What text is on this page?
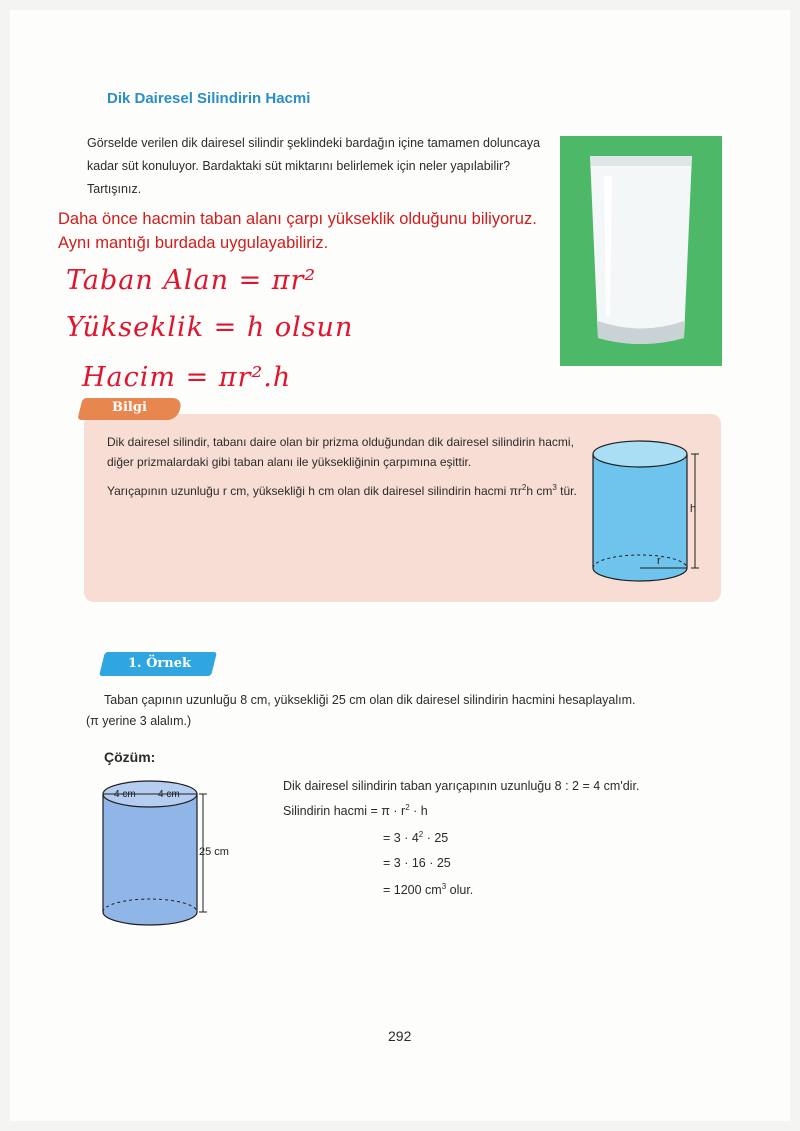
Dik Dairesel Silindirin Hacmi
Görselde verilen dik dairesel silindir şeklindeki bardağın içine tamamen doluncaya kadar süt konuluyor. Bardaktaki süt miktarını belirlemek için neler yapılabilir? Tartışınız.
Daha önce hacmin taban alanı çarpı yükseklik olduğunu biliyoruz.
Aynı mantığı burdada uygulayabiliriz.
Taban Alan = πr²
Yükseklik = h olsun
Hacim = πr².h
Bilgi
Dik dairesel silindir, tabanı daire olan bir prizma olduğundan dik dairesel silindirin hacmi, diğer prizmalardaki gibi taban alanı ile yüksekliğinin çarpımına eşittir.
Yarıçapının uzunluğu r cm, yüksekliği h cm olan dik dairesel silindirin hacmi $\pi r^2h$ $cm^3$ tür.
h
r
1. Örnek
Taban çapının uzunluğu 8 cm, yüksekliği 25 cm olan dik dairesel silindirin hacmini hesaplayalım.
(π yerine 3 alalım.)
Çözüm:
4 cm 4 cm
25 cm
Dik dairesel silindirin taban yarıçapının uzunluğu 8 : 2 = 4 cm'dir.
Silindirin hacmi = $\pi \cdot r^2 \cdot h$
= $3 \cdot 4^2 \cdot 25$
= 3 · 16 · 25
= 1200 $cm^3$ olur.
292
